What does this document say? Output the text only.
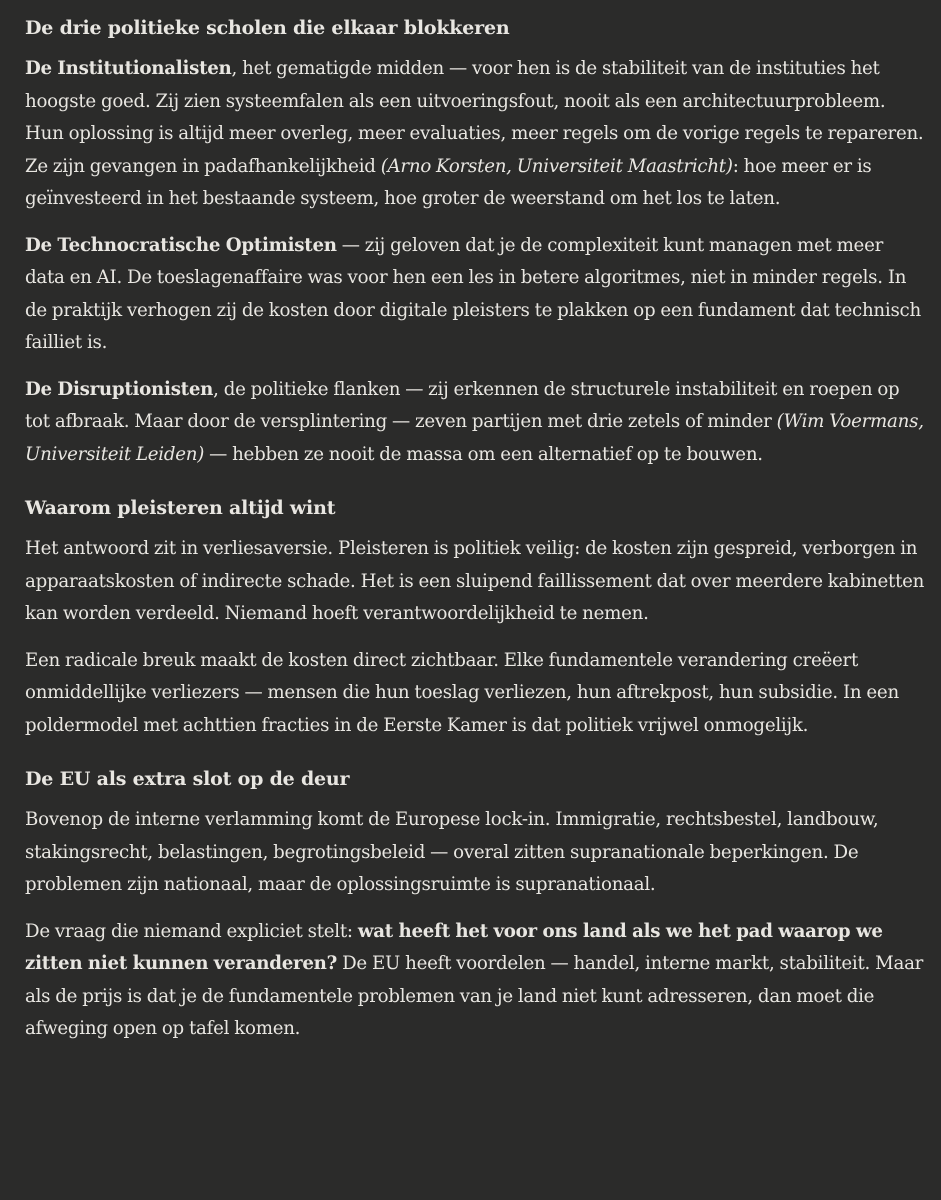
De drie politieke scholen die elkaar blokkeren

De Institutionalisten, het gematigde midden — voor hen is de stabiliteit van de instituties het hoogste goed. Zij zien systeemfalen als een uitvoeringsfout, nooit als een architectuurprobleem. Hun oplossing is altijd meer overleg, meer evaluaties, meer regels om de vorige regels te repareren. Ze zijn gevangen in padafhankelijkheid (Arno Korsten, Universiteit Maastricht): hoe meer er is geïnvesteerd in het bestaande systeem, hoe groter de weerstand om het los te laten.

De Technocratische Optimisten — zij geloven dat je de complexiteit kunt managen met meer data en AI. De toeslagenaffaire was voor hen een les in betere algoritmes, niet in minder regels. In de praktijk verhogen zij de kosten door digitale pleisters te plakken op een fundament dat technisch failliet is.

De Disruptionisten, de politieke flanken — zij erkennen de structurele instabiliteit en roepen op tot afbraak. Maar door de versplintering — zeven partijen met drie zetels of minder (Wim Voermans, Universiteit Leiden) — hebben ze nooit de massa om een alternatief op te bouwen.

Waarom pleisteren altijd wint

Het antwoord zit in verliesaversie. Pleisteren is politiek veilig: de kosten zijn gespreid, verborgen in apparaatskosten of indirecte schade. Het is een sluipend faillissement dat over meerdere kabinetten kan worden verdeeld. Niemand hoeft verantwoordelijkheid te nemen.

Een radicale breuk maakt de kosten direct zichtbaar. Elke fundamentele verandering creëert onmiddellijke verliezers — mensen die hun toeslag verliezen, hun aftrekpost, hun subsidie. In een poldermodel met achttien fracties in de Eerste Kamer is dat politiek vrijwel onmogelijk.

De EU als extra slot op de deur

Bovenop de interne verlamming komt de Europese lock-in. Immigratie, rechtsbestel, landbouw, stakingsrecht, belastingen, begrotingsbeleid — overal zitten supranationale beperkingen. De problemen zijn nationaal, maar de oplossingsruimte is supranationaal.

De vraag die niemand expliciet stelt: wat heeft het voor ons land als we het pad waarop we zitten niet kunnen veranderen? De EU heeft voordelen — handel, interne markt, stabiliteit. Maar als de prijs is dat je de fundamentele problemen van je land niet kunt adresseren, dan moet die afweging open op tafel komen.
